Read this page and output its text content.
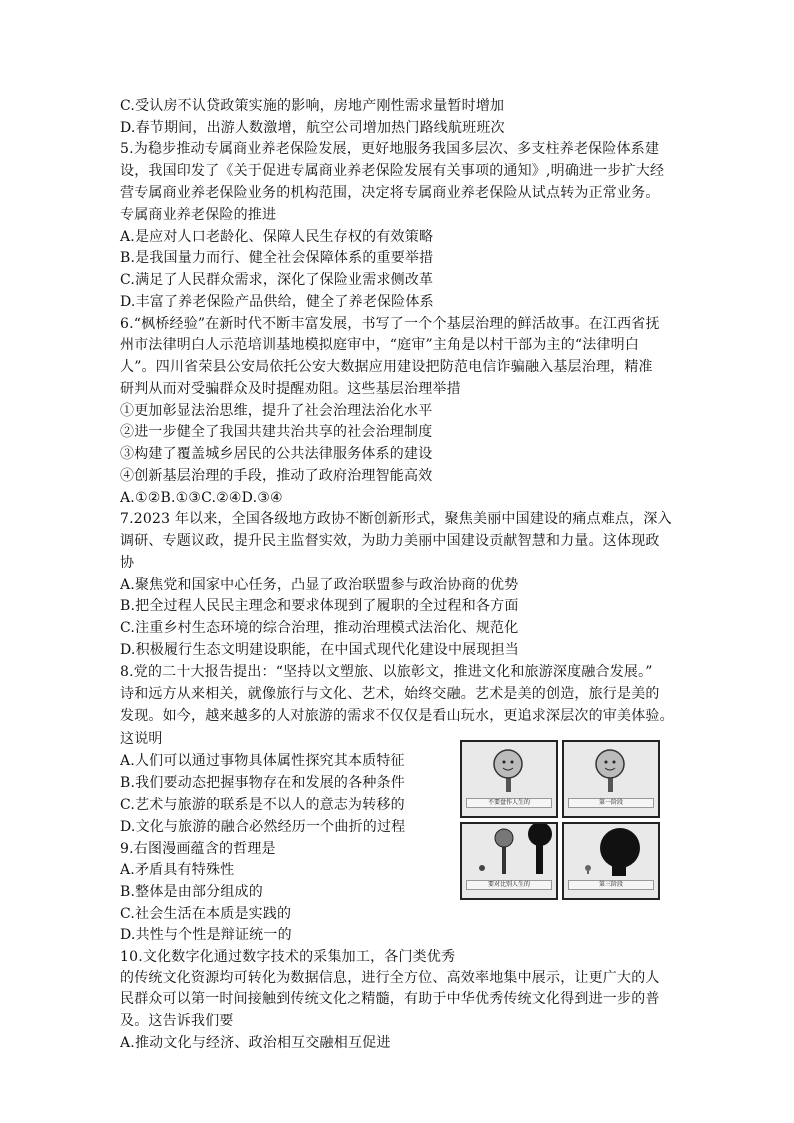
C.受认房不认贷政策实施的影响，房地产刚性需求量暂时增加
D.春节期间，出游人数激增，航空公司增加热门路线航班班次
5.为稳步推动专属商业养老保险发展，更好地服务我国多层次、多支柱养老保险体系建
设，我国印发了《关于促进专属商业养老保险发展有关事项的通知》,明确进一步扩大经
营专属商业养老保险业务的机构范围，决定将专属商业养老保险从试点转为正常业务。
专属商业养老保险的推进
A.是应对人口老龄化、保障人民生存权的有效策略
B.是我国量力而行、健全社会保障体系的重要举措
C.满足了人民群众需求，深化了保险业需求侧改革
D.丰富了养老保险产品供给，健全了养老保险体系
6.“枫桥经验”在新时代不断丰富发展，书写了一个个基层治理的鲜活故事。在江西省抚
州市法律明白人示范培训基地模拟庭审中，“庭审”主角是以村干部为主的“法律明白
人”。四川省荣县公安局依托公安大数据应用建设把防范电信诈骗融入基层治理，精准
研判从而对受骗群众及时提醒劝阻。这些基层治理举措
①更加彰显法治思维，提升了社会治理法治化水平
②进一步健全了我国共建共治共享的社会治理制度
③构建了覆盖城乡居民的公共法律服务体系的建设
④创新基层治理的手段，推动了政府治理智能高效
A.①②B.①③C.②④D.③④
7.2023 年以来，全国各级地方政协不断创新形式，聚焦美丽中国建设的痛点难点，深入
调研、专题议政，提升民主监督实效，为助力美丽中国建设贡献智慧和力量。这体现政
协
A.聚焦党和国家中心任务，凸显了政治联盟参与政治协商的优势
B.把全过程人民民主理念和要求体现到了履职的全过程和各方面
C.注重乡村生态环境的综合治理，推动治理模式法治化、规范化
D.积极履行生态文明建设职能，在中国式现代化建设中展现担当
8.党的二十大报告提出：“坚持以文塑旅、以旅彰文，推进文化和旅游深度融合发展。”
诗和远方从来相关，就像旅行与文化、艺术，始终交融。艺术是美的创造，旅行是美的
发现。如今，越来越多的人对旅游的需求不仅仅是看山玩水，更追求深层次的审美体验。
这说明
A.人们可以通过事物具体属性探究其本质特征
B.我们要动态把握事物存在和发展的各种条件
C.艺术与旅游的联系是不以人的意志为转移的
D.文化与旅游的融合必然经历一个曲折的过程
9.右图漫画蕴含的哲理是
A.矛盾具有特殊性
B.整体是由部分组成的
C.社会生活在本质是实践的
D.共性与个性是辩证统一的
10.文化数字化通过数字技术的采集加工，各门类优秀
的传统文化资源均可转化为数据信息，进行全方位、高效率地集中展示，让更广大的人
民群众可以第一时间接触到传统文化之精髓，有助于中华优秀传统文化得到进一步的普
及。这告诉我们要
A.推动文化与经济、政治相互交融相互促进
不要盘作人生的	第一阶段
要对比别人生的	第三阶段
